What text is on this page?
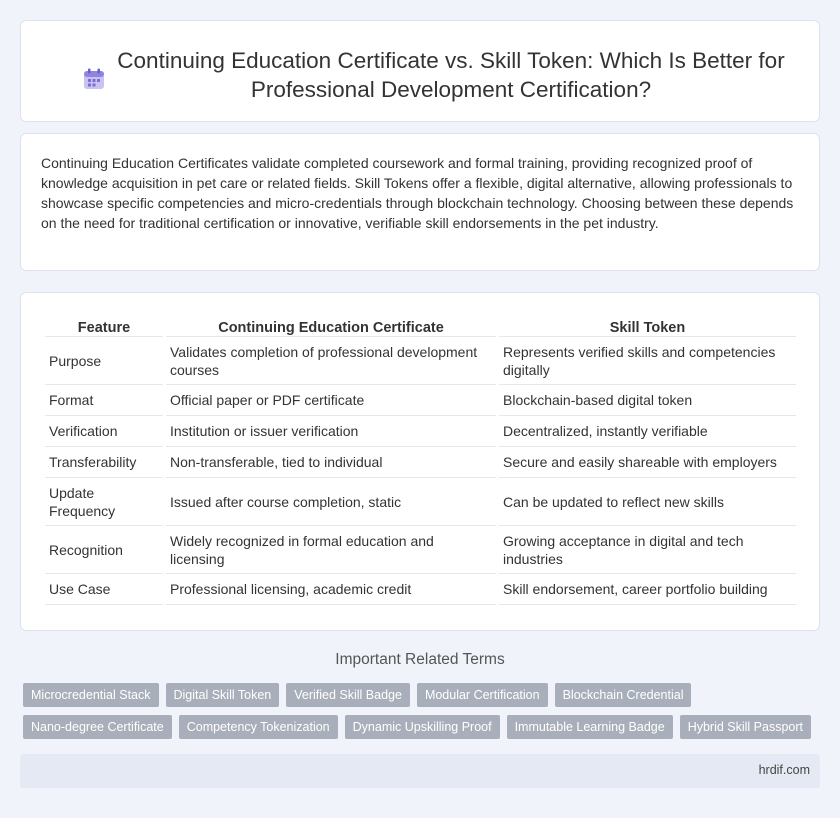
Continuing Education Certificate vs. Skill Token: Which Is Better for Professional Development Certification?

Continuing Education Certificates validate completed coursework and formal training, providing recognized proof of knowledge acquisition in pet care or related fields. Skill Tokens offer a flexible, digital alternative, allowing professionals to showcase specific competencies and micro-credentials through blockchain technology. Choosing between these depends on the need for traditional certification or innovative, verifiable skill endorsements in the pet industry.

Feature	Continuing Education Certificate	Skill Token
Purpose	Validates completion of professional development courses	Represents verified skills and competencies digitally
Format	Official paper or PDF certificate	Blockchain-based digital token
Verification	Institution or issuer verification	Decentralized, instantly verifiable
Transferability	Non-transferable, tied to individual	Secure and easily shareable with employers
Update Frequency	Issued after course completion, static	Can be updated to reflect new skills
Recognition	Widely recognized in formal education and licensing	Growing acceptance in digital and tech industries
Use Case	Professional licensing, academic credit	Skill endorsement, career portfolio building
Important Related Terms
Microcredential Stack	Digital Skill Token	Verified Skill Badge	Modular Certification	Blockchain Credential
Nano-degree Certificate	Competency Tokenization	Dynamic Upskilling Proof	Immutable Learning Badge	Hybrid Skill Passport
hrdif.com
